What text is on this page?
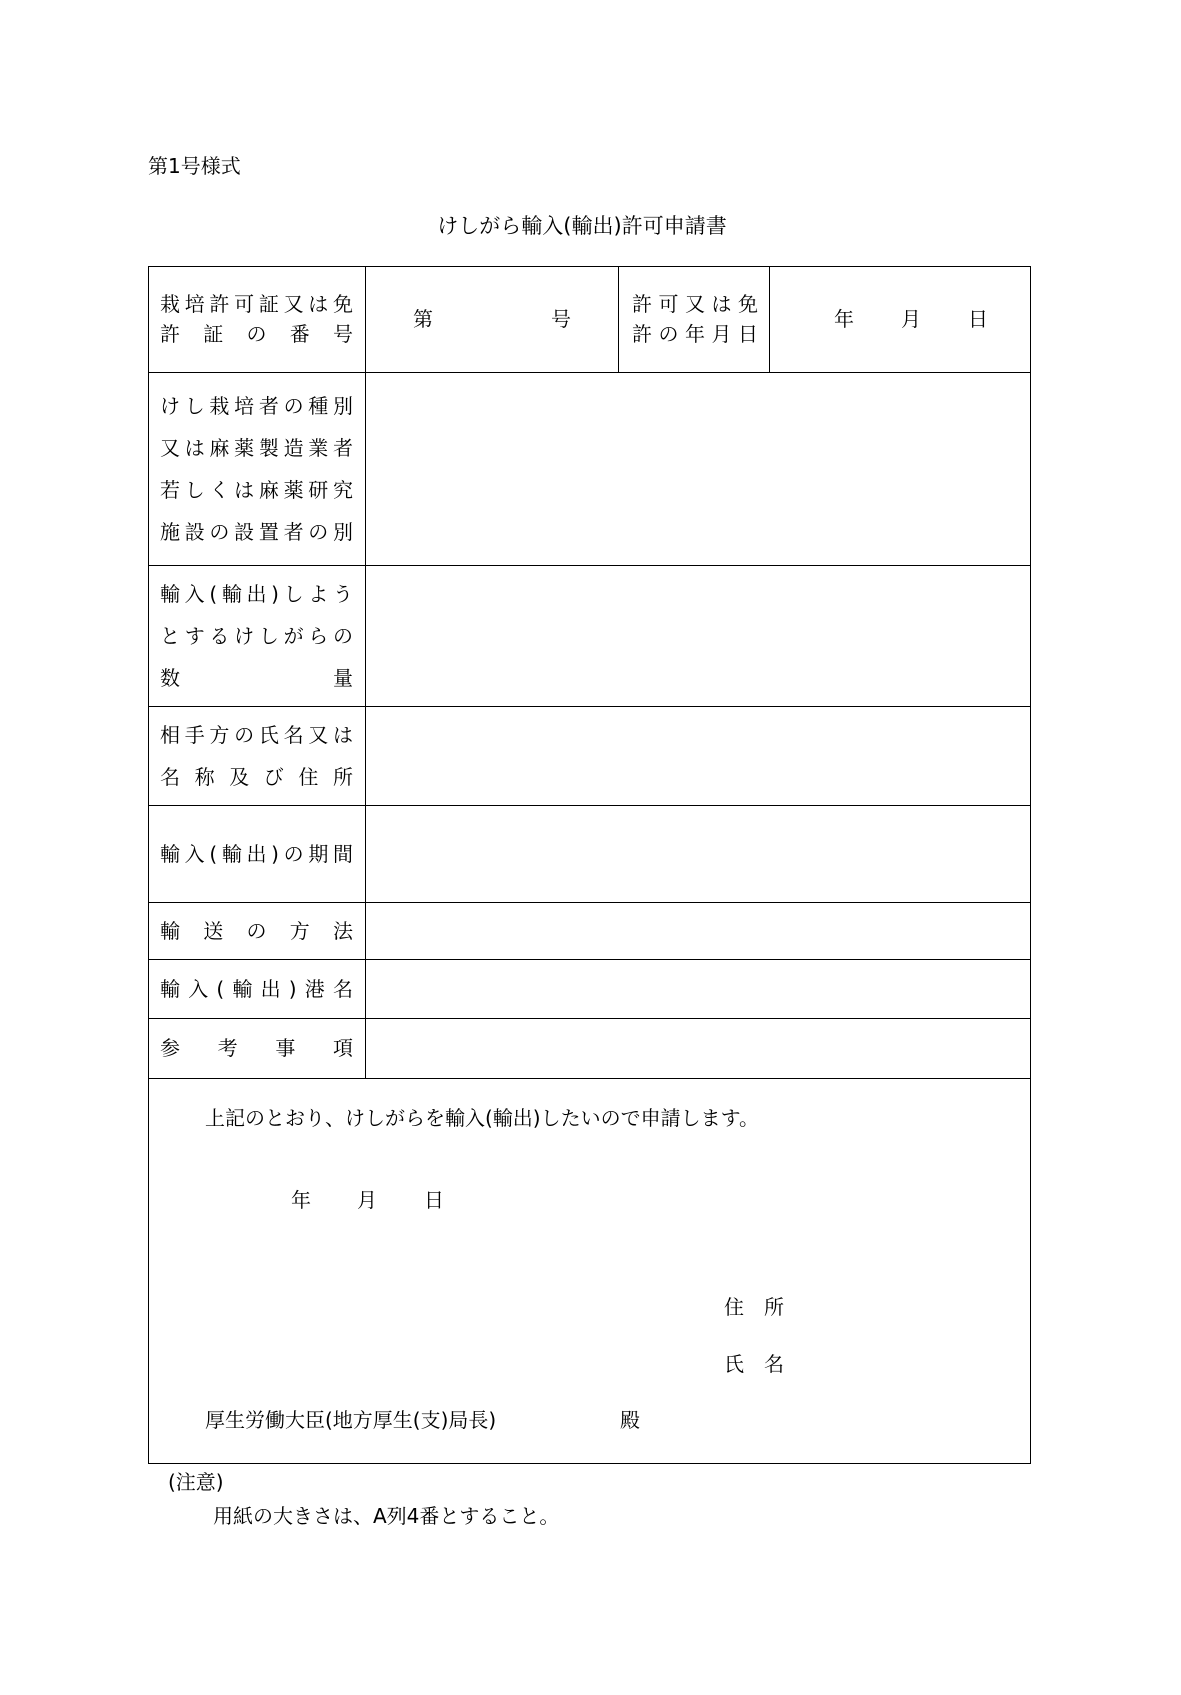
第1号様式
けしがら輸入(輸出)許可申請書
栽培許可証又は免
許証の番号
第	号
許可又は免
許の年月日
年 月 日
けし栽培者の種別
又は麻薬製造業者
若しくは麻薬研究
施設の設置者の別
輸入(輸出)しよう
とするけしがらの
数量
相手方の氏名又は
名称及び住所
輸入(輸出)の期間
輸送の方法
輸入(輸出)港名
参考事項
上記のとおり、けしがらを輸入(輸出)したいので申請します。
年 月 日
住　所
氏　名
厚生労働大臣(地方厚生(支)局長)	殿
(注意)
用紙の大きさは、A列4番とすること。
